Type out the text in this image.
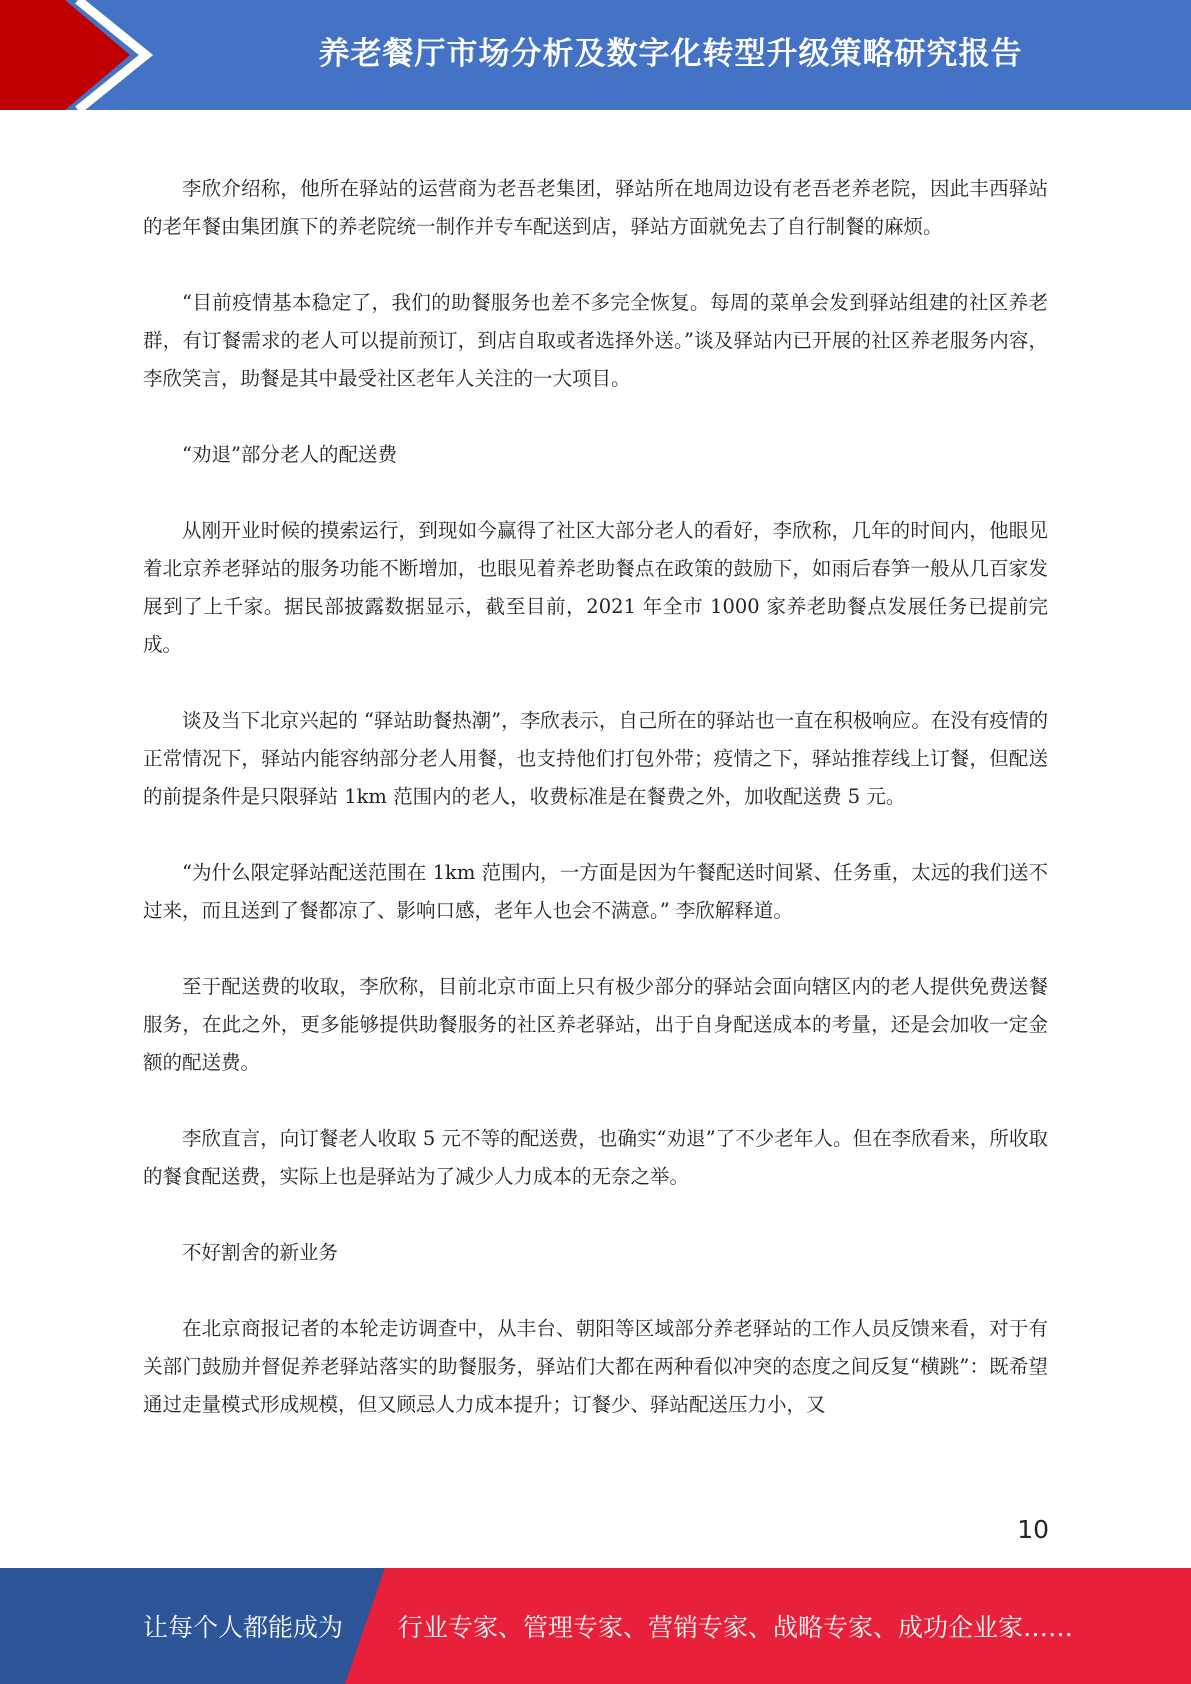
养老餐厅市场分析及数字化转型升级策略研究报告

李欣介绍称，他所在驿站的运营商为老吾老集团，驿站所在地周边设有老吾老养老院，因此丰西驿站的老年餐由集团旗下的养老院统一制作并专车配送到店，驿站方面就免去了自行制餐的麻烦。

“目前疫情基本稳定了，我们的助餐服务也差不多完全恢复。每周的菜单会发到驿站组建的社区养老群，有订餐需求的老人可以提前预订，到店自取或者选择外送。”谈及驿站内已开展的社区养老服务内容，李欣笑言，助餐是其中最受社区老年人关注的一大项目。

“劝退”部分老人的配送费

从刚开业时候的摸索运行，到现如今赢得了社区大部分老人的看好，李欣称，几年的时间内，他眼见着北京养老驿站的服务功能不断增加，也眼见着养老助餐点在政策的鼓励下，如雨后春笋一般从几百家发展到了上千家。据民部披露数据显示，截至目前，2021 年全市 1000 家养老助餐点发展任务已提前完成。

谈及当下北京兴起的 “驿站助餐热潮”，李欣表示，自己所在的驿站也一直在积极响应。在没有疫情的正常情况下，驿站内能容纳部分老人用餐，也支持他们打包外带；疫情之下，驿站推荐线上订餐，但配送的前提条件是只限驿站 1km 范围内的老人，收费标准是在餐费之外，加收配送费 5 元。

“为什么限定驿站配送范围在 1km 范围内，一方面是因为午餐配送时间紧、任务重，太远的我们送不过来，而且送到了餐都凉了、影响口感，老年人也会不满意。” 李欣解释道。

至于配送费的收取，李欣称，目前北京市面上只有极少部分的驿站会面向辖区内的老人提供免费送餐服务，在此之外，更多能够提供助餐服务的社区养老驿站，出于自身配送成本的考量，还是会加收一定金额的配送费。

李欣直言，向订餐老人收取 5 元不等的配送费，也确实“劝退”了不少老年人。但在李欣看来，所收取的餐食配送费，实际上也是驿站为了减少人力成本的无奈之举。

不好割舍的新业务

在北京商报记者的本轮走访调查中，从丰台、朝阳等区域部分养老驿站的工作人员反馈来看，对于有关部门鼓励并督促养老驿站落实的助餐服务，驿站们大都在两种看似冲突的态度之间反复“横跳”：既希望通过走量模式形成规模，但又顾忌人力成本提升；订餐少、驿站配送压力小，又

10
让每个人都能成为 行业专家、管理专家、营销专家、战略专家、成功企业家……
